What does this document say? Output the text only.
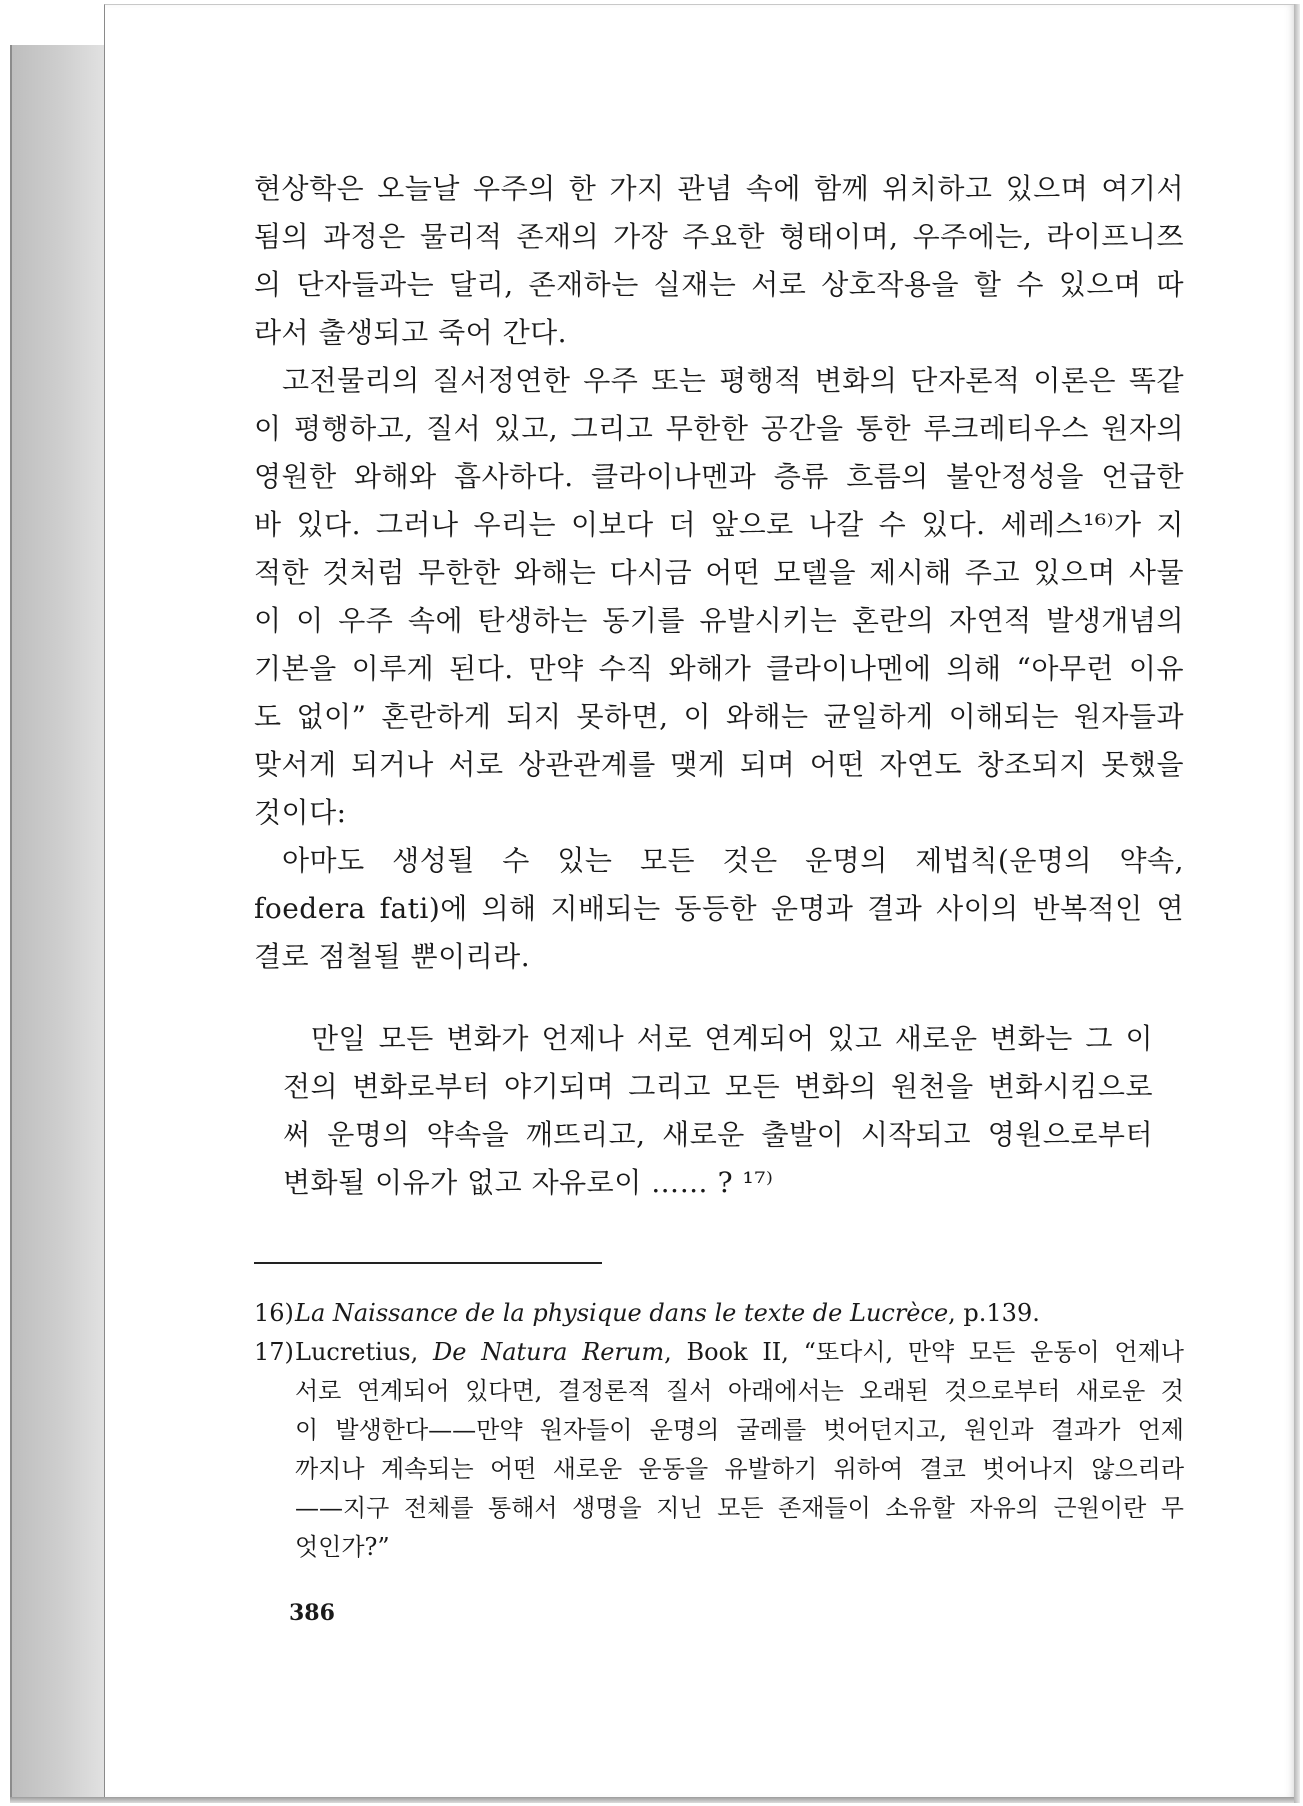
현상학은 오늘날 우주의 한 가지 관념 속에 함께 위치하고 있으며 여기서
됨의 과정은 물리적 존재의 가장 주요한 형태이며, 우주에는, 라이프니쯔
의 단자들과는 달리, 존재하는 실재는 서로 상호작용을 할 수 있으며 따
라서 출생되고 죽어 간다.
고전물리의 질서정연한 우주 또는 평행적 변화의 단자론적 이론은 똑같
이 평행하고, 질서 있고, 그리고 무한한 공간을 통한 루크레티우스 원자의
영원한 와해와 흡사하다. 클라이나멘과 층류 흐름의 불안정성을 언급한
바 있다. 그러나 우리는 이보다 더 앞으로 나갈 수 있다. 세레스¹⁶⁾가 지
적한 것처럼 무한한 와해는 다시금 어떤 모델을 제시해 주고 있으며 사물
이 이 우주 속에 탄생하는 동기를 유발시키는 혼란의 자연적 발생개념의
기본을 이루게 된다. 만약 수직 와해가 클라이나멘에 의해 “아무런 이유
도 없이” 혼란하게 되지 못하면, 이 와해는 균일하게 이해되는 원자들과
맞서게 되거나 서로 상관관계를 맺게 되며 어떤 자연도 창조되지 못했을
것이다:
아마도 생성될 수 있는 모든 것은 운명의 제법칙(운명의 약속,
foedera fati)에 의해 지배되는 동등한 운명과 결과 사이의 반복적인 연
결로 점철될 뿐이리라.
만일 모든 변화가 언제나 서로 연계되어 있고 새로운 변화는 그 이
전의 변화로부터 야기되며 그리고 모든 변화의 원천을 변화시킴으로
써 운명의 약속을 깨뜨리고, 새로운 출발이 시작되고 영원으로부터
변화될 이유가 없고 자유로이 …… ? ¹⁷⁾
16)La Naissance de la physique dans le texte de Lucrèce, p.139.
17)Lucretius, De Natura Rerum, Book II, “또다시, 만약 모든 운동이 언제나
서로 연계되어 있다면, 결정론적 질서 아래에서는 오래된 것으로부터 새로운 것
이 발생한다——만약 원자들이 운명의 굴레를 벗어던지고, 원인과 결과가 언제
까지나 계속되는 어떤 새로운 운동을 유발하기 위하여 결코 벗어나지 않으리라
——지구 전체를 통해서 생명을 지닌 모든 존재들이 소유할 자유의 근원이란 무
엇인가?”
386
